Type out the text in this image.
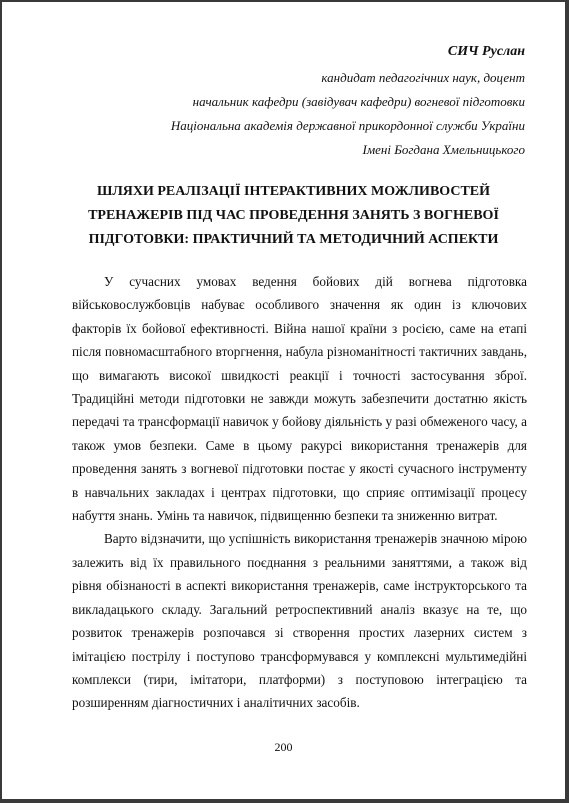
СИЧ Руслан
кандидат педагогічних наук, доцент
начальник кафедри (завідувач кафедри) вогневої підготовки
Національна академія державної прикордонної служби України
Імені Богдана Хмельницького
ШЛЯХИ РЕАЛІЗАЦІЇ ІНТЕРАКТИВНИХ МОЖЛИВОСТЕЙ
ТРЕНАЖЕРІВ ПІД ЧАС ПРОВЕДЕННЯ ЗАНЯТЬ З ВОГНЕВОЇ
ПІДГОТОВКИ: ПРАКТИЧНИЙ ТА МЕТОДИЧНИЙ АСПЕКТИ

У сучасних умовах ведення бойових дій вогнева підготовка військовослужбовців набуває особливого значення як один із ключових факторів їх бойової ефективності. Війна нашої країни з росією, саме на етапі після повномасштабного вторгнення, набула різноманітності тактичних завдань, що вимагають високої швидкості реакції і точності застосування зброї. Традиційні методи підготовки не завжди можуть забезпечити достатню якість передачі та трансформації навичок у бойову діяльність у разі обмеженого часу, а також умов безпеки. Саме в цьому ракурсі використання тренажерів для проведення занять з вогневої підготовки постає у якості сучасного інструменту в навчальних закладах і центрах підготовки, що сприяє оптимізації процесу набуття знань. Умінь та навичок, підвищенню безпеки та зниженню витрат.

Варто відзначити, що успішність використання тренажерів значною мірою залежить від їх правильного поєднання з реальними заняттями, а також від рівня обізнаності в аспекті використання тренажерів, саме інструкторського та викладацького складу. Загальний ретроспективний аналіз вказує на те, що розвиток тренажерів розпочався зі створення простих лазерних систем з імітацією пострілу і поступово трансформувався у комплексні мультимедійні комплекси (тири, імітатори, платформи) з поступовою інтеграцією та розширенням діагностичних і аналітичних засобів.

200
